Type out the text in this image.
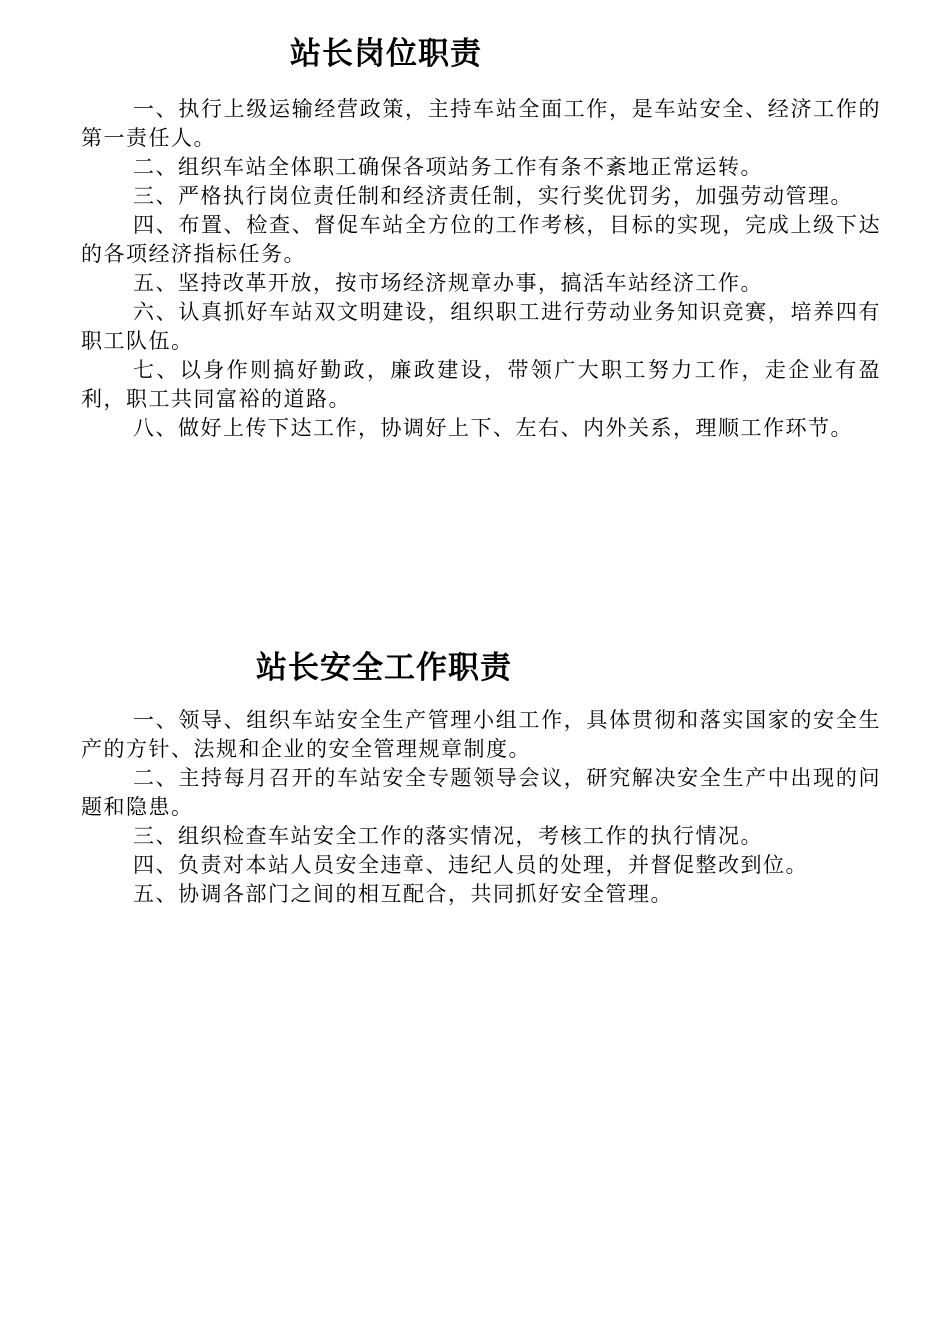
站长岗位职责
一、执行上级运输经营政策，主持车站全面工作，是车站安全、经济工作的第一责任人。
二、组织车站全体职工确保各项站务工作有条不紊地正常运转。
三、严格执行岗位责任制和经济责任制，实行奖优罚劣，加强劳动管理。
四、布置、检查、督促车站全方位的工作考核，目标的实现，完成上级下达的各项经济指标任务。
五、坚持改革开放，按市场经济规章办事，搞活车站经济工作。
六、认真抓好车站双文明建设，组织职工进行劳动业务知识竞赛，培养四有职工队伍。
七、以身作则搞好勤政，廉政建设，带领广大职工努力工作，走企业有盈利，职工共同富裕的道路。
八、做好上传下达工作，协调好上下、左右、内外关系，理顺工作环节。
站长安全工作职责
一、领导、组织车站安全生产管理小组工作，具体贯彻和落实国家的安全生产的方针、法规和企业的安全管理规章制度。
二、主持每月召开的车站安全专题领导会议，研究解决安全生产中出现的问题和隐患。
三、组织检查车站安全工作的落实情况，考核工作的执行情况。
四、负责对本站人员安全违章、违纪人员的处理，并督促整改到位。
五、协调各部门之间的相互配合，共同抓好安全管理。
